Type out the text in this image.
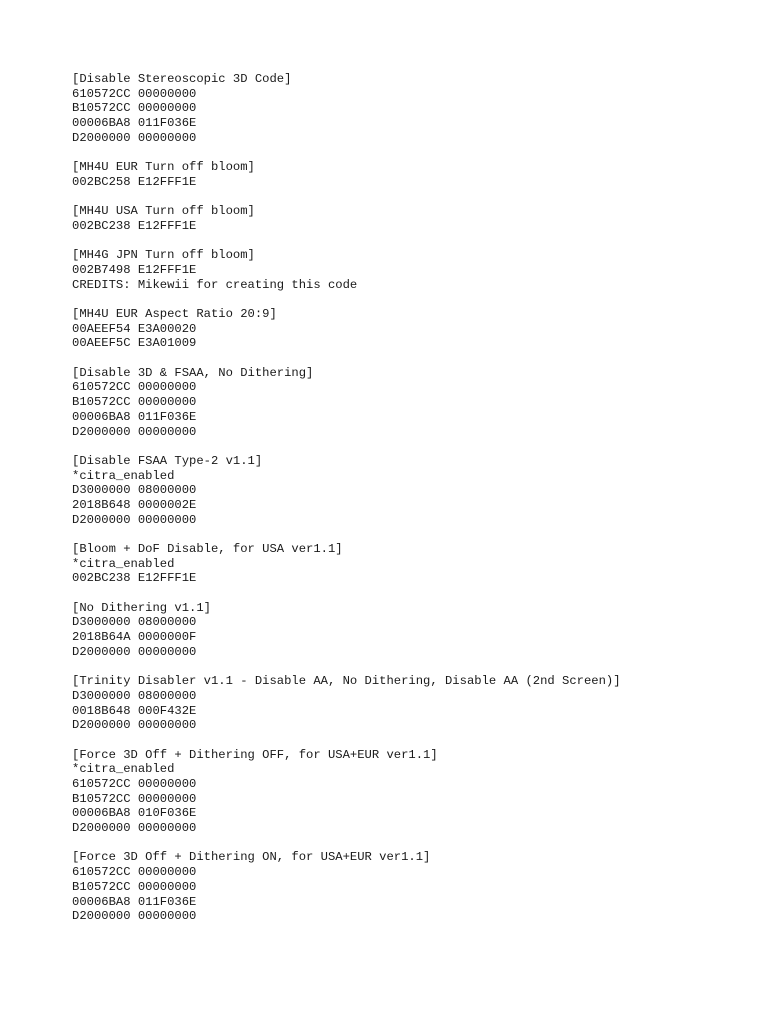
[Disable Stereoscopic 3D Code]
610572CC 00000000
B10572CC 00000000
00006BA8 011F036E
D2000000 00000000
[MH4U EUR Turn off bloom]
002BC258 E12FFF1E
[MH4U USA Turn off bloom]
002BC238 E12FFF1E
[MH4G JPN Turn off bloom]
002B7498 E12FFF1E
CREDITS: Mikewii for creating this code
[MH4U EUR Aspect Ratio 20:9]
00AEEF54 E3A00020
00AEEF5C E3A01009
[Disable 3D & FSAA, No Dithering]
610572CC 00000000
B10572CC 00000000
00006BA8 011F036E
D2000000 00000000
[Disable FSAA Type-2 v1.1]
*citra_enabled
D3000000 08000000
2018B648 0000002E
D2000000 00000000
[Bloom + DoF Disable, for USA ver1.1]
*citra_enabled
002BC238 E12FFF1E
[No Dithering v1.1]
D3000000 08000000
2018B64A 0000000F
D2000000 00000000
[Trinity Disabler v1.1 - Disable AA, No Dithering, Disable AA (2nd Screen)]
D3000000 08000000
0018B648 000F432E
D2000000 00000000
[Force 3D Off + Dithering OFF, for USA+EUR ver1.1]
*citra_enabled
610572CC 00000000
B10572CC 00000000
00006BA8 010F036E
D2000000 00000000
[Force 3D Off + Dithering ON, for USA+EUR ver1.1]
610572CC 00000000
B10572CC 00000000
00006BA8 011F036E
D2000000 00000000
